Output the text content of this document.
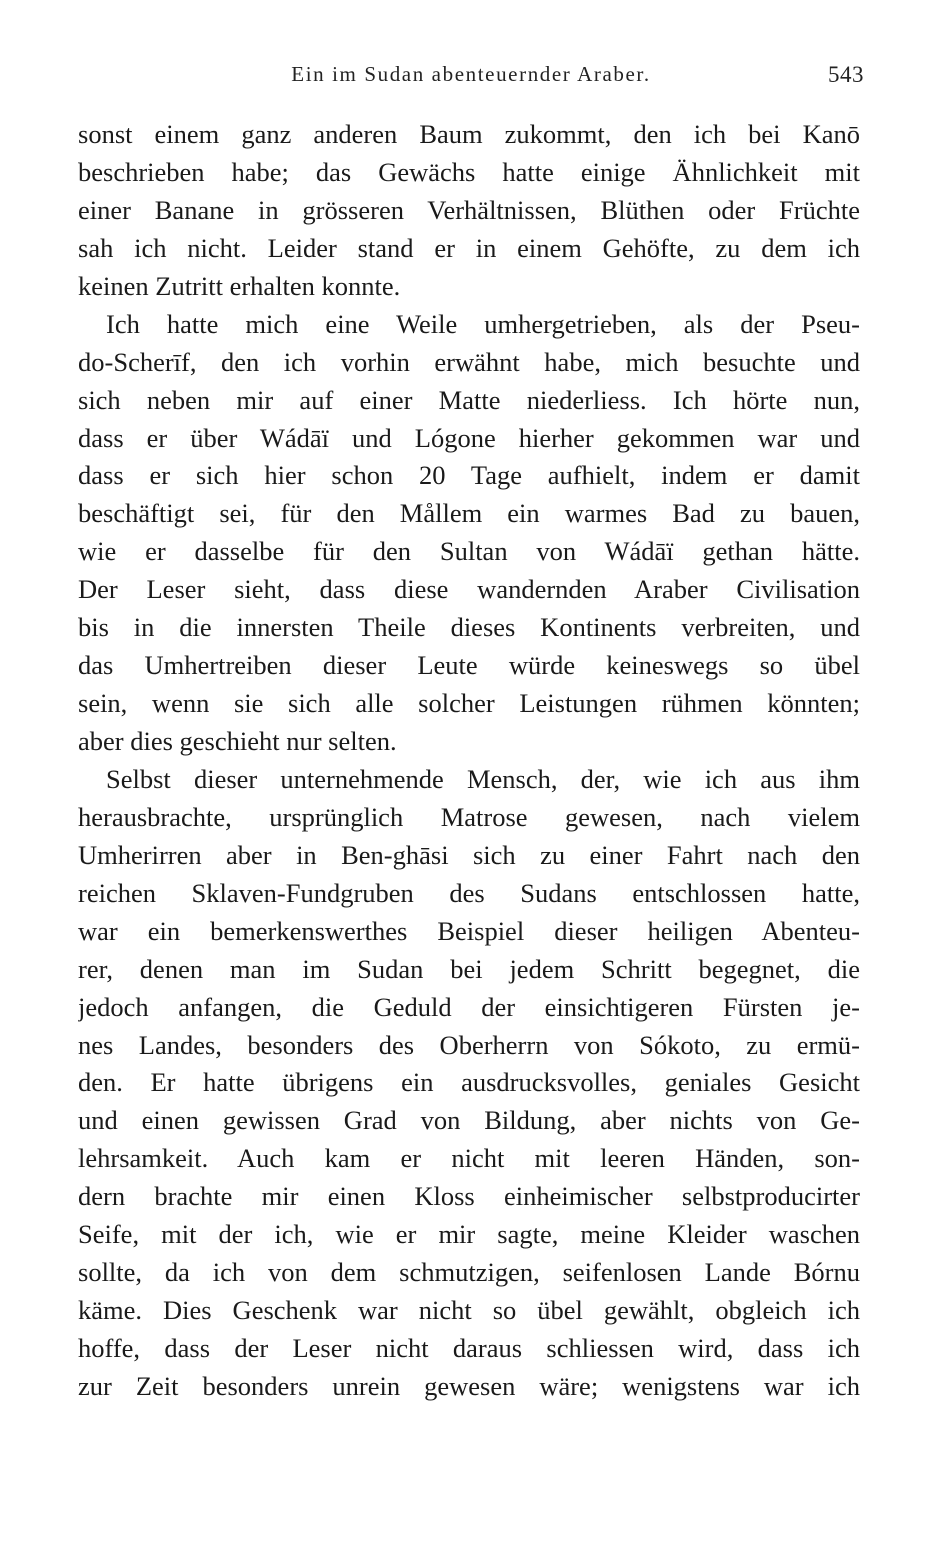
Ein im Sudan abenteuernder Araber.	543
sonst einem ganz anderen Baum zukommt, den ich bei Kanō
beschrieben habe; das Gewächs hatte einige Ähnlichkeit mit
einer Banane in grösseren Verhältnissen, Blüthen oder Früchte
sah ich nicht. Leider stand er in einem Gehöfte, zu dem ich
keinen Zutritt erhalten konnte.
Ich hatte mich eine Weile umhergetrieben, als der Pseu-
do-Scherīf, den ich vorhin erwähnt habe, mich besuchte und
sich neben mir auf einer Matte niederliess. Ich hörte nun,
dass er über Wádāï und Lógone hierher gekommen war und
dass er sich hier schon 20 Tage aufhielt, indem er damit
beschäftigt sei, für den Mållem ein warmes Bad zu bauen,
wie er dasselbe für den Sultan von Wádāï gethan hätte.
Der Leser sieht, dass diese wandernden Araber Civilisation
bis in die innersten Theile dieses Kontinents verbreiten, und
das Umhertreiben dieser Leute würde keineswegs so übel
sein, wenn sie sich alle solcher Leistungen rühmen könnten;
aber dies geschieht nur selten.
Selbst dieser unternehmende Mensch, der, wie ich aus ihm
herausbrachte, ursprünglich Matrose gewesen, nach vielem
Umherirren aber in Ben-ghāsi sich zu einer Fahrt nach den
reichen Sklaven-Fundgruben des Sudans entschlossen hatte,
war ein bemerkenswerthes Beispiel dieser heiligen Abenteu-
rer, denen man im Sudan bei jedem Schritt begegnet, die
jedoch anfangen, die Geduld der einsichtigeren Fürsten je-
nes Landes, besonders des Oberherrn von Sókoto, zu ermü-
den. Er hatte übrigens ein ausdrucksvolles, geniales Gesicht
und einen gewissen Grad von Bildung, aber nichts von Ge-
lehrsamkeit. Auch kam er nicht mit leeren Händen, son-
dern brachte mir einen Kloss einheimischer selbstproducirter
Seife, mit der ich, wie er mir sagte, meine Kleider waschen
sollte, da ich von dem schmutzigen, seifenlosen Lande Bórnu
käme. Dies Geschenk war nicht so übel gewählt, obgleich ich
hoffe, dass der Leser nicht daraus schliessen wird, dass ich
zur Zeit besonders unrein gewesen wäre; wenigstens war ich
